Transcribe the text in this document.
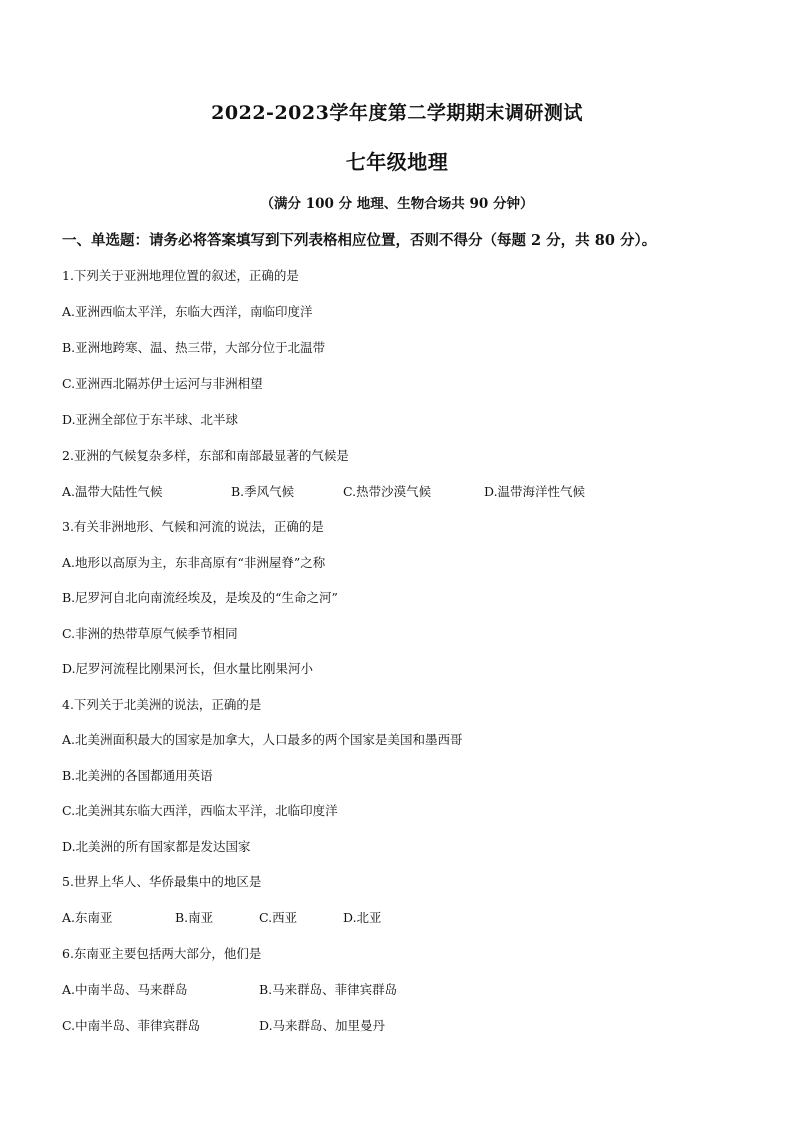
2022-2023学年度第二学期期末调研测试
七年级地理
（满分 100 分 地理、生物合场共 90 分钟）
一、单选题：请务必将答案填写到下列表格相应位置，否则不得分（每题 2 分，共 80 分）。
1.下列关于亚洲地理位置的叙述，正确的是
A.亚洲西临太平洋，东临大西洋，南临印度洋
B.亚洲地跨寒、温、热三带，大部分位于北温带
C.亚洲西北隔苏伊士运河与非洲相望
D.亚洲全部位于东半球、北半球
2.亚洲的气候复杂多样，东部和南部最显著的气候是
A.温带大陆性气候	B.季风气候	C.热带沙漠气候	D.温带海洋性气候
3.有关非洲地形、气候和河流的说法，正确的是
A.地形以高原为主，东非高原有“非洲屋脊”之称
B.尼罗河自北向南流经埃及，是埃及的“生命之河”
C.非洲的热带草原气候季节相同
D.尼罗河流程比刚果河长，但水量比刚果河小
4.下列关于北美洲的说法，正确的是
A.北美洲面积最大的国家是加拿大，人口最多的两个国家是美国和墨西哥
B.北美洲的各国都通用英语
C.北美洲其东临大西洋，西临太平洋，北临印度洋
D.北美洲的所有国家都是发达国家
5.世界上华人、华侨最集中的地区是
A.东南亚	B.南亚	C.西亚	D.北亚
6.东南亚主要包括两大部分，他们是
A.中南半岛、马来群岛	B.马来群岛、菲律宾群岛
C.中南半岛、菲律宾群岛	D.马来群岛、加里曼丹
